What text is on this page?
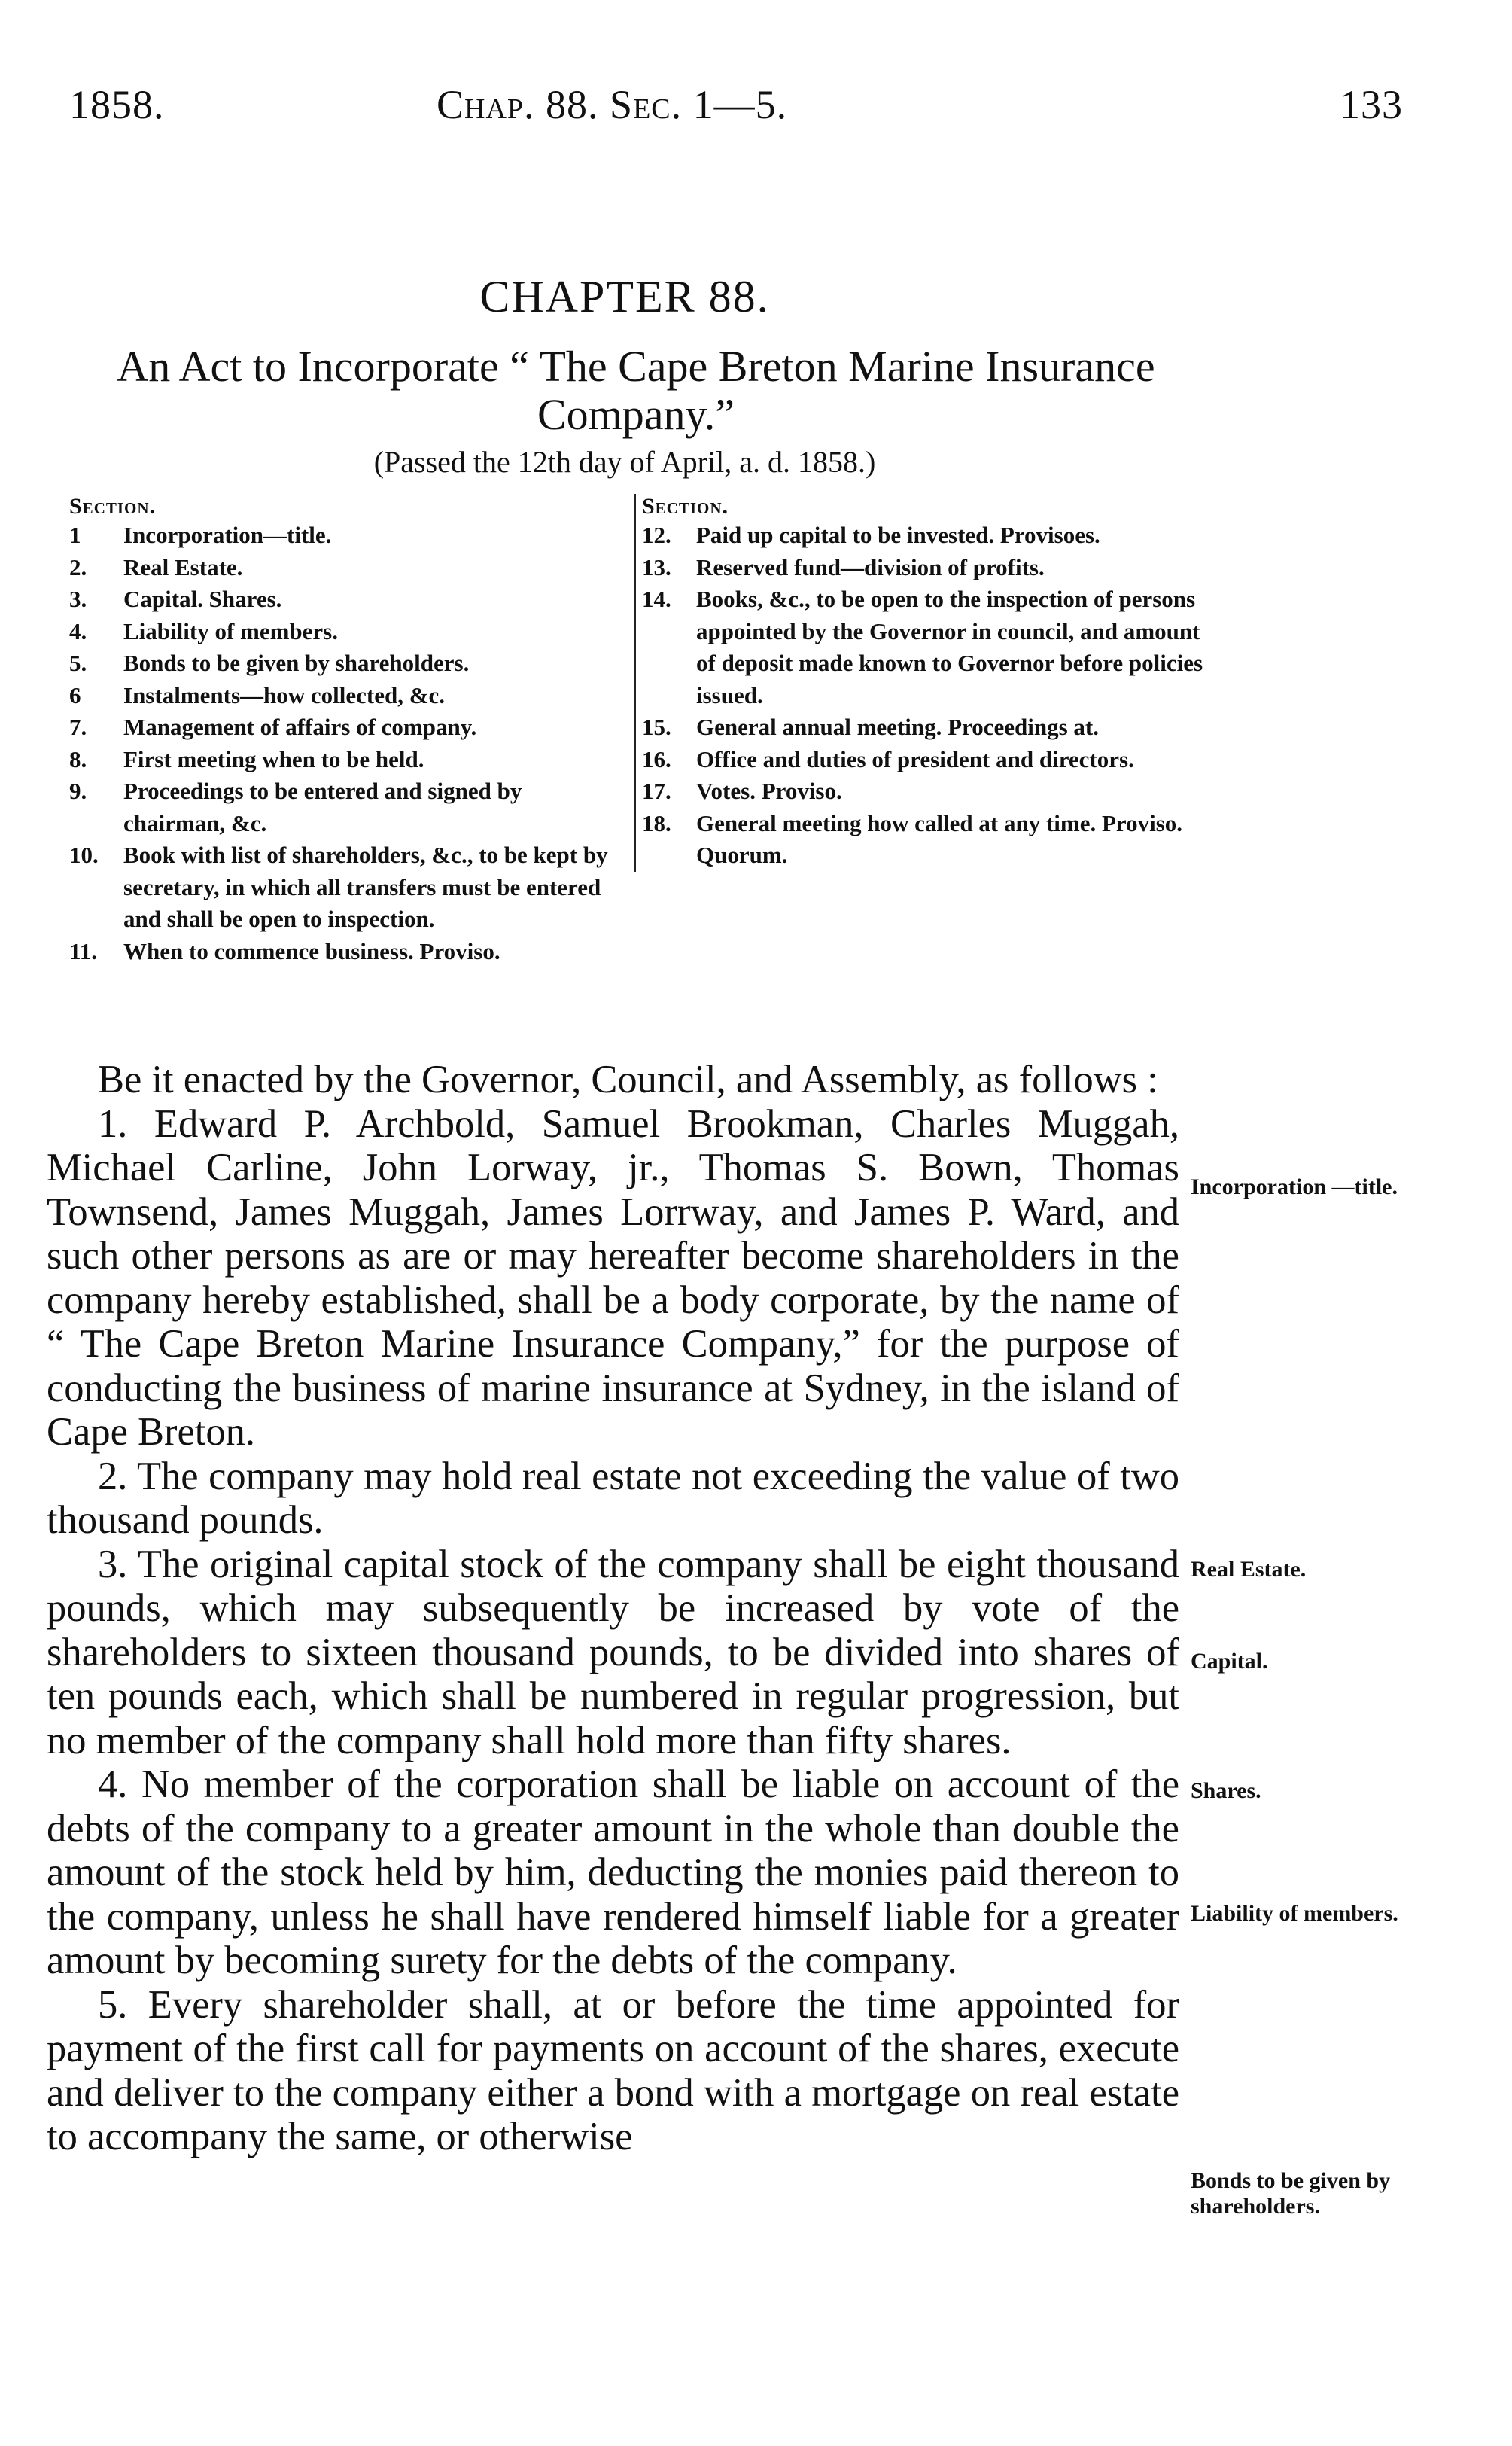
1858.	Chap. 88. Sec. 1—5.	133
CHAPTER 88.
An Act to Incorporate “ The Cape Breton Marine Insurance Company.”
(Passed the 12th day of April, a. d. 1858.)
Section.
1	Incorporation—title.
2.	Real Estate.
3.	Capital. Shares.
4.	Liability of members.
5.	Bonds to be given by shareholders.
6	Instalments—how collected, &c.
7.	Management of affairs of company.
8.	First meeting when to be held.
9.	Proceedings to be entered and signed by chairman, &c.
10.	Book with list of shareholders, &c., to be kept by secretary, in which all transfers must be entered and shall be open to inspection.
11.	When to commence business. Proviso.
Section.
12.	Paid up capital to be invested. Provisoes.
13.	Reserved fund—division of profits.
14.	Books, &c., to be open to the inspection of persons appointed by the Governor in council, and amount of deposit made known to Governor before policies issued.
15.	General annual meeting. Proceedings at.
16.	Office and duties of president and directors.
17.	Votes. Proviso.
18.	General meeting how called at any time. Proviso. Quorum.

Be it enacted by the Governor, Council, and Assembly, as follows :

1. Edward P. Archbold, Samuel Brookman, Charles Muggah, Michael Carline, John Lorway, jr., Thomas S. Bown, Thomas Townsend, James Muggah, James Lorrway, and James P. Ward, and such other persons as are or may hereafter become shareholders in the company hereby established, shall be a body corporate, by the name of “ The Cape Breton Marine Insurance Company,” for the purpose of conducting the business of marine insurance at Sydney, in the island of Cape Breton.

2. The company may hold real estate not exceeding the value of two thousand pounds.

3. The original capital stock of the company shall be eight thousand pounds, which may subsequently be increased by vote of the shareholders to sixteen thousand pounds, to be divided into shares of ten pounds each, which shall be numbered in regular progression, but no member of the company shall hold more than fifty shares.

4. No member of the corporation shall be liable on account of the debts of the company to a greater amount in the whole than double the amount of the stock held by him, deducting the monies paid thereon to the company, unless he shall have rendered himself liable for a greater amount by becoming surety for the debts of the company.

5. Every shareholder shall, at or before the time appointed for payment of the first call for payments on account of the shares, execute and deliver to the company either a bond with a mortgage on real estate to accompany the same, or otherwise

Incorporation —title.
Real Estate.
Capital.
Shares.
Liability of members.
Bonds to be given by shareholders.
